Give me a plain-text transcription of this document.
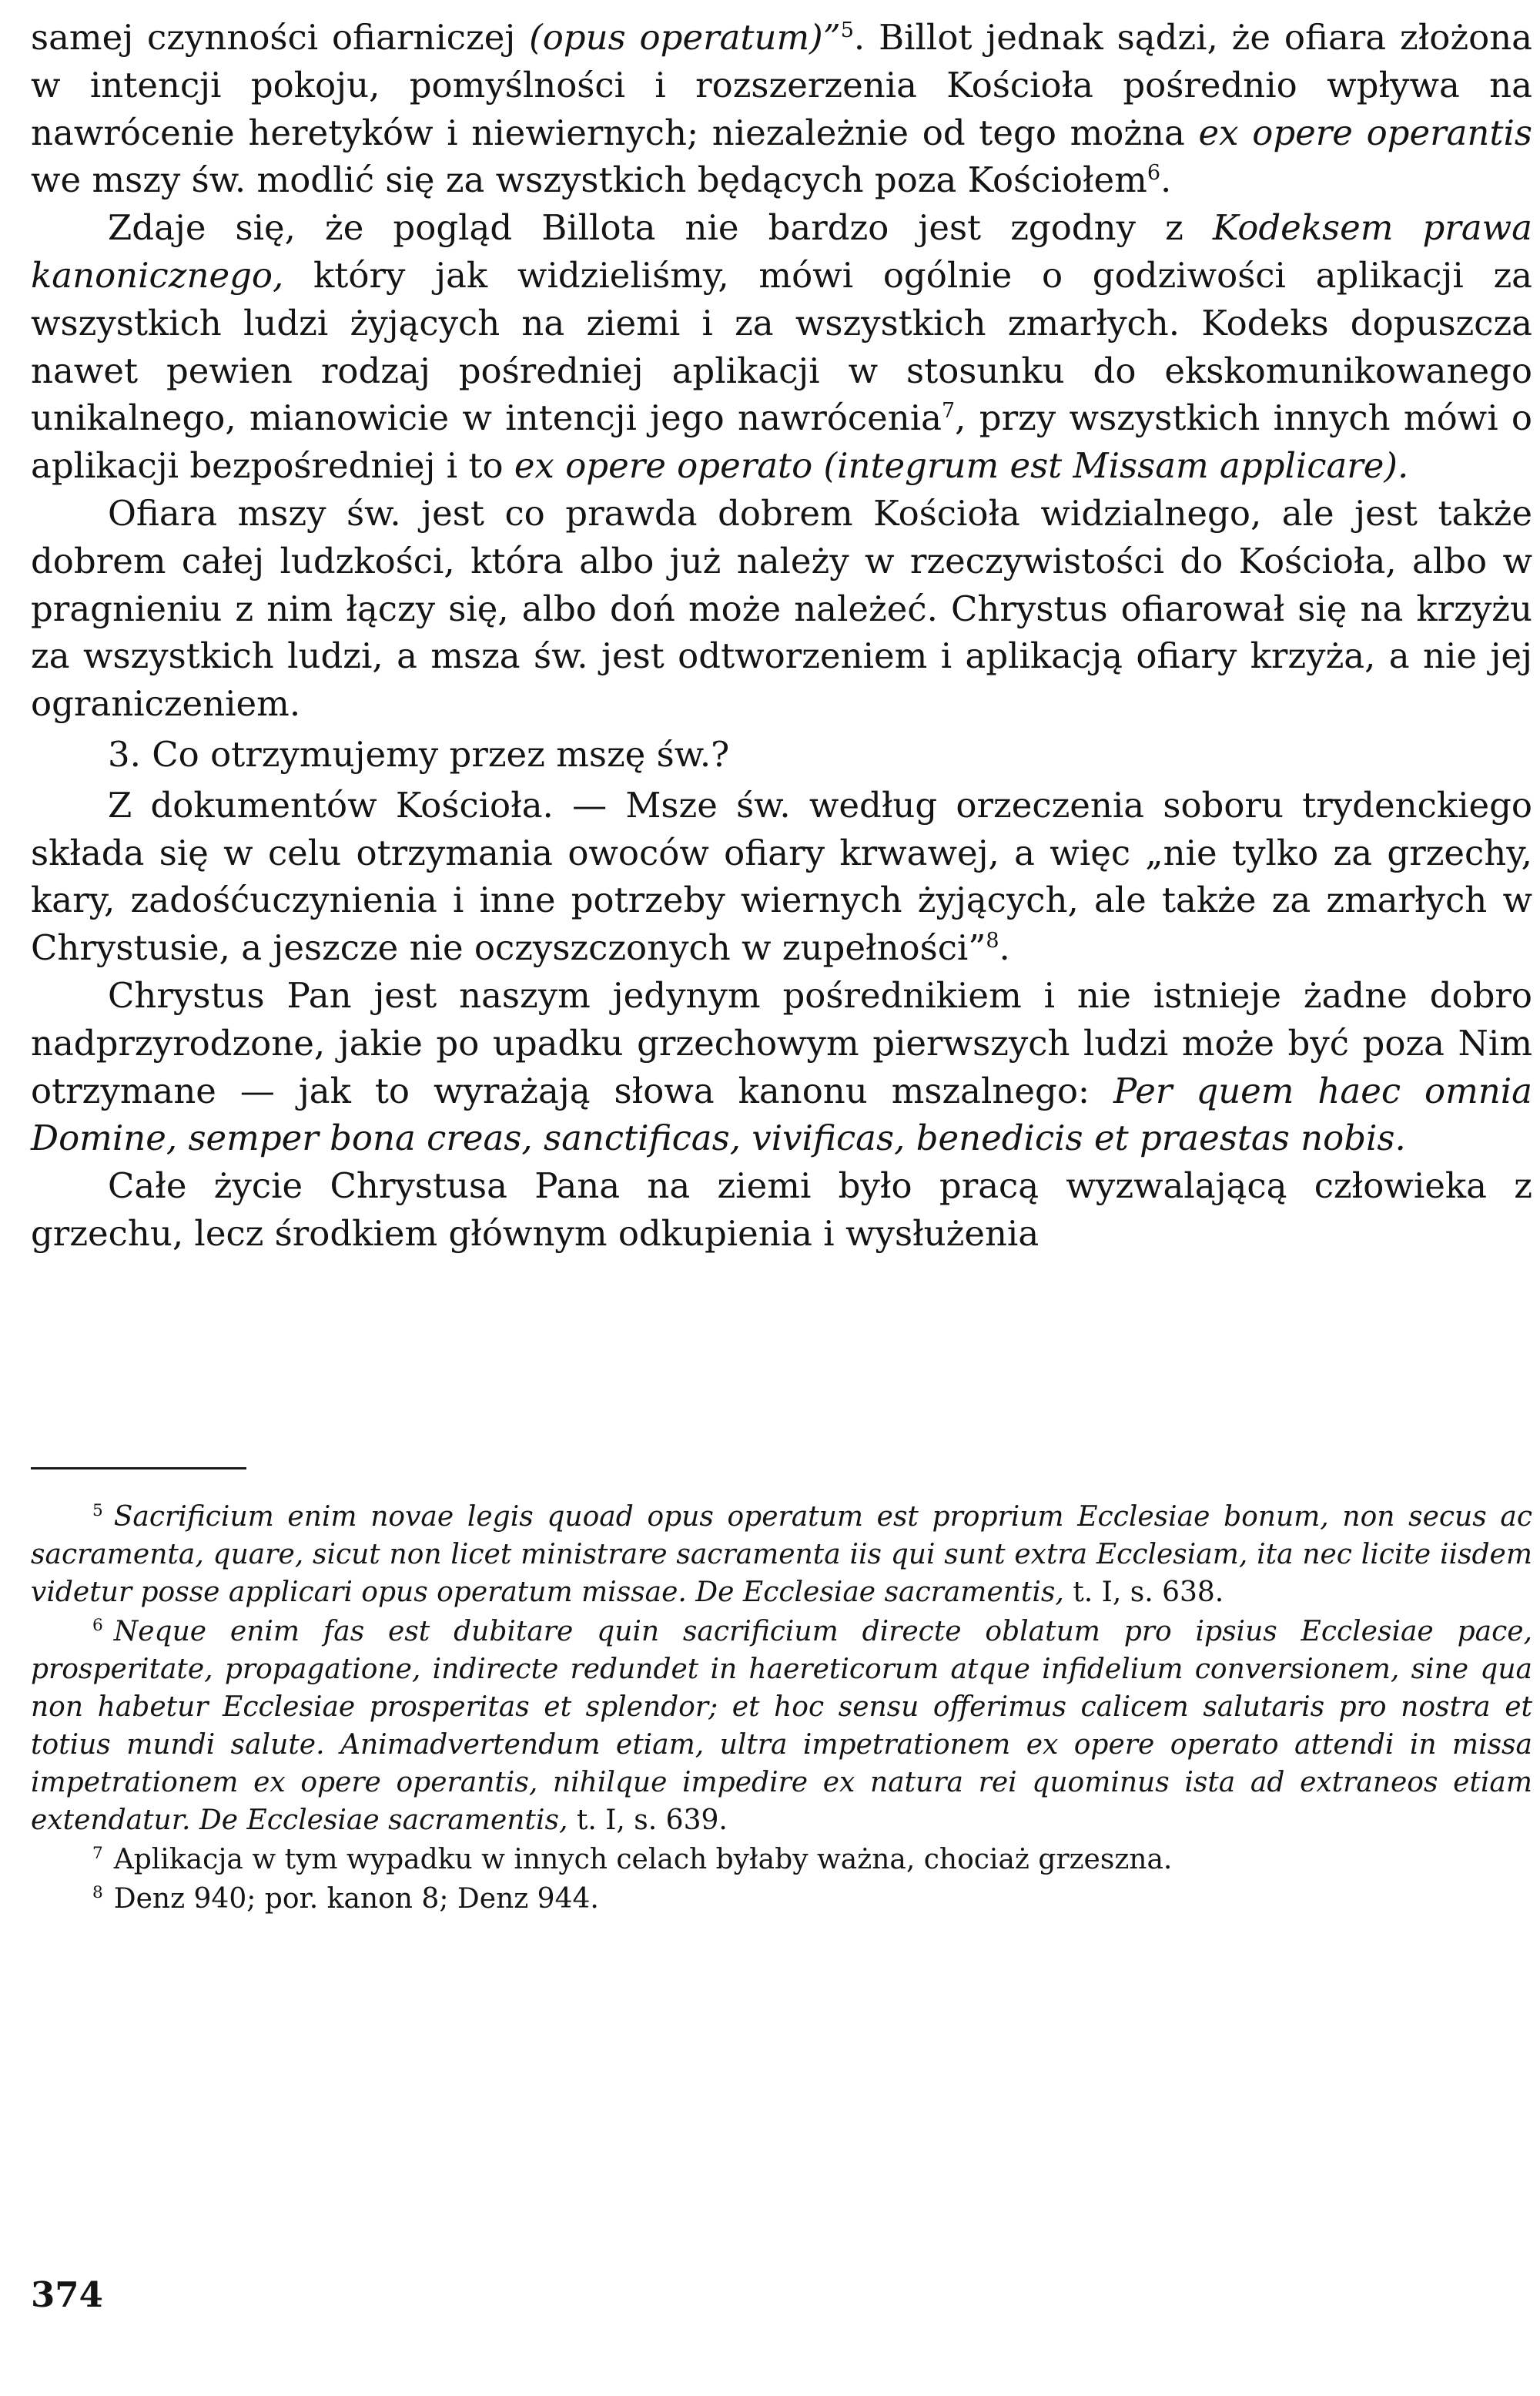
samej czynności ofiarniczej (opus operatum)”$^5$. Billot jednak sądzi, że ofiara złożona w intencji pokoju, pomyślności i rozszerzenia Kościoła pośrednio wpływa na nawrócenie heretyków i niewiernych; niezależnie od tego można ex opere operantis we mszy św. modlić się za wszystkich będących poza Kościołem$^6$.

Zdaje się, że pogląd Billota nie bardzo jest zgodny z Kodeksem prawa kanonicznego, który jak widzieliśmy, mówi ogólnie o godziwości aplikacji za wszystkich ludzi żyjących na ziemi i za wszystkich zmarłych. Kodeks dopuszcza nawet pewien rodzaj pośredniej aplikacji w stosunku do ekskomunikowanego unikalnego, mianowicie w intencji jego nawrócenia$^7$, przy wszystkich innych mówi o aplikacji bezpośredniej i to ex opere operato (integrum est Missam applicare).

Ofiara mszy św. jest co prawda dobrem Kościoła widzialnego, ale jest także dobrem całej ludzkości, która albo już należy w rzeczywistości do Kościoła, albo w pragnieniu z nim łączy się, albo doń może należeć. Chrystus ofiarował się na krzyżu za wszystkich ludzi, a msza św. jest odtworzeniem i aplikacją ofiary krzyża, a nie jej ograniczeniem.

3. Co otrzymujemy przez mszę św.?

Z dokumentów Kościoła. — Msze św. według orzeczenia soboru trydenckiego składa się w celu otrzymania owoców ofiary krwawej, a więc „nie tylko za grzechy, kary, zadośćuczynienia i inne potrzeby wiernych żyjących, ale także za zmarłych w Chrystusie, a jeszcze nie oczyszczonych w zupełności”$^8$.

Chrystus Pan jest naszym jedynym pośrednikiem i nie istnieje żadne dobro nadprzyrodzone, jakie po upadku grzechowym pierwszych ludzi może być poza Nim otrzymane — jak to wyrażają słowa kanonu mszalnego: Per quem haec omnia Domine, semper bona creas, sanctificas, vivificas, benedicis et praestas nobis.

Całe życie Chrystusa Pana na ziemi było pracą wyzwalającą człowieka z grzechu, lecz środkiem głównym odkupienia i wysłużenia

$^5$ Sacrificium enim novae legis quoad opus operatum est proprium Ecclesiae bonum, non secus ac sacramenta, quare, sicut non licet ministrare sacramenta iis qui sunt extra Ecclesiam, ita nec licite iisdem videtur posse applicari opus operatum missae. De Ecclesiae sacramentis, t. I, s. 638.

$^6$ Neque enim fas est dubitare quin sacrificium directe oblatum pro ipsius Ecclesiae pace, prosperitate, propagatione, indirecte redundet in haereticorum atque infidelium conversionem, sine qua non habetur Ecclesiae prosperitas et splendor; et hoc sensu offerimus calicem salutaris pro nostra et totius mundi salute. Animadvertendum etiam, ultra impetrationem ex opere operato attendi in missa impetrationem ex opere operantis, nihilque impedire ex natura rei quominus ista ad extraneos etiam extendatur. De Ecclesiae sacramentis, t. I, s. 639.

$^7$ Aplikacja w tym wypadku w innych celach byłaby ważna, chociaż grzeszna.

$^8$ Denz 940; por. kanon 8; Denz 944.

374
